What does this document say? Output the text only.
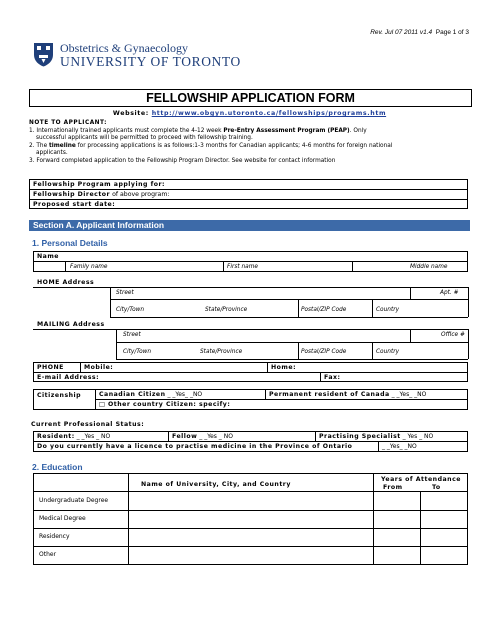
Rev. Jul 07 2011 v1.4 Page 1 of 3
Obstetrics & Gynaecology
UNIVERSITY OF TORONTO
FELLOWSHIP APPLICATION FORM
Website: http://www.obgyn.utoronto.ca/fellowships/programs.htm
NOTE TO APPLICANT:
1. Internationally trained applicants must complete the 4-12 week Pre-Entry Assessment Program (PEAP). Only
successful applicants will be permitted to proceed with fellowship training.
2. The timeline for processing applications is as follows:1-3 months for Canadian applicants; 4-6 months for foreign national
applicants.
3. Forward completed application to the Fellowship Program Director. See website for contact information
Fellowship Program applying for:
Fellowship Director of above program:
Proposed start date:
Section A. Applicant Information
1. Personal Details
Name
Family name	First name	Middle name
HOME Address
Street	Apt. #
City/Town	State/Province	Postal/ZIP Code	Country
MAILING Address
Street	Office #
City/Town	State/Province	Postal/ZIP Code	Country
PHONE	Mobile:	Home:
E-mail Address:	Fax:
Citizenship	Canadian Citizen _ _Yes_ _NO	Permanent resident of Canada _ _Yes_ _NO
□ Other country Citizen: specify:
Current Professional Status:
Resident: _ _Yes _ NO	Fellow _ _Yes _ NO	Practising Specialist _ Yes _ NO
Do you currently have a licence to practise medicine in the Province of Ontario	_ _Yes_ _NO
2. Education
Name of University, City, and Country
Years of Attendance
From	To
Undergraduate Degree
Medical Degree
Residency
Other
